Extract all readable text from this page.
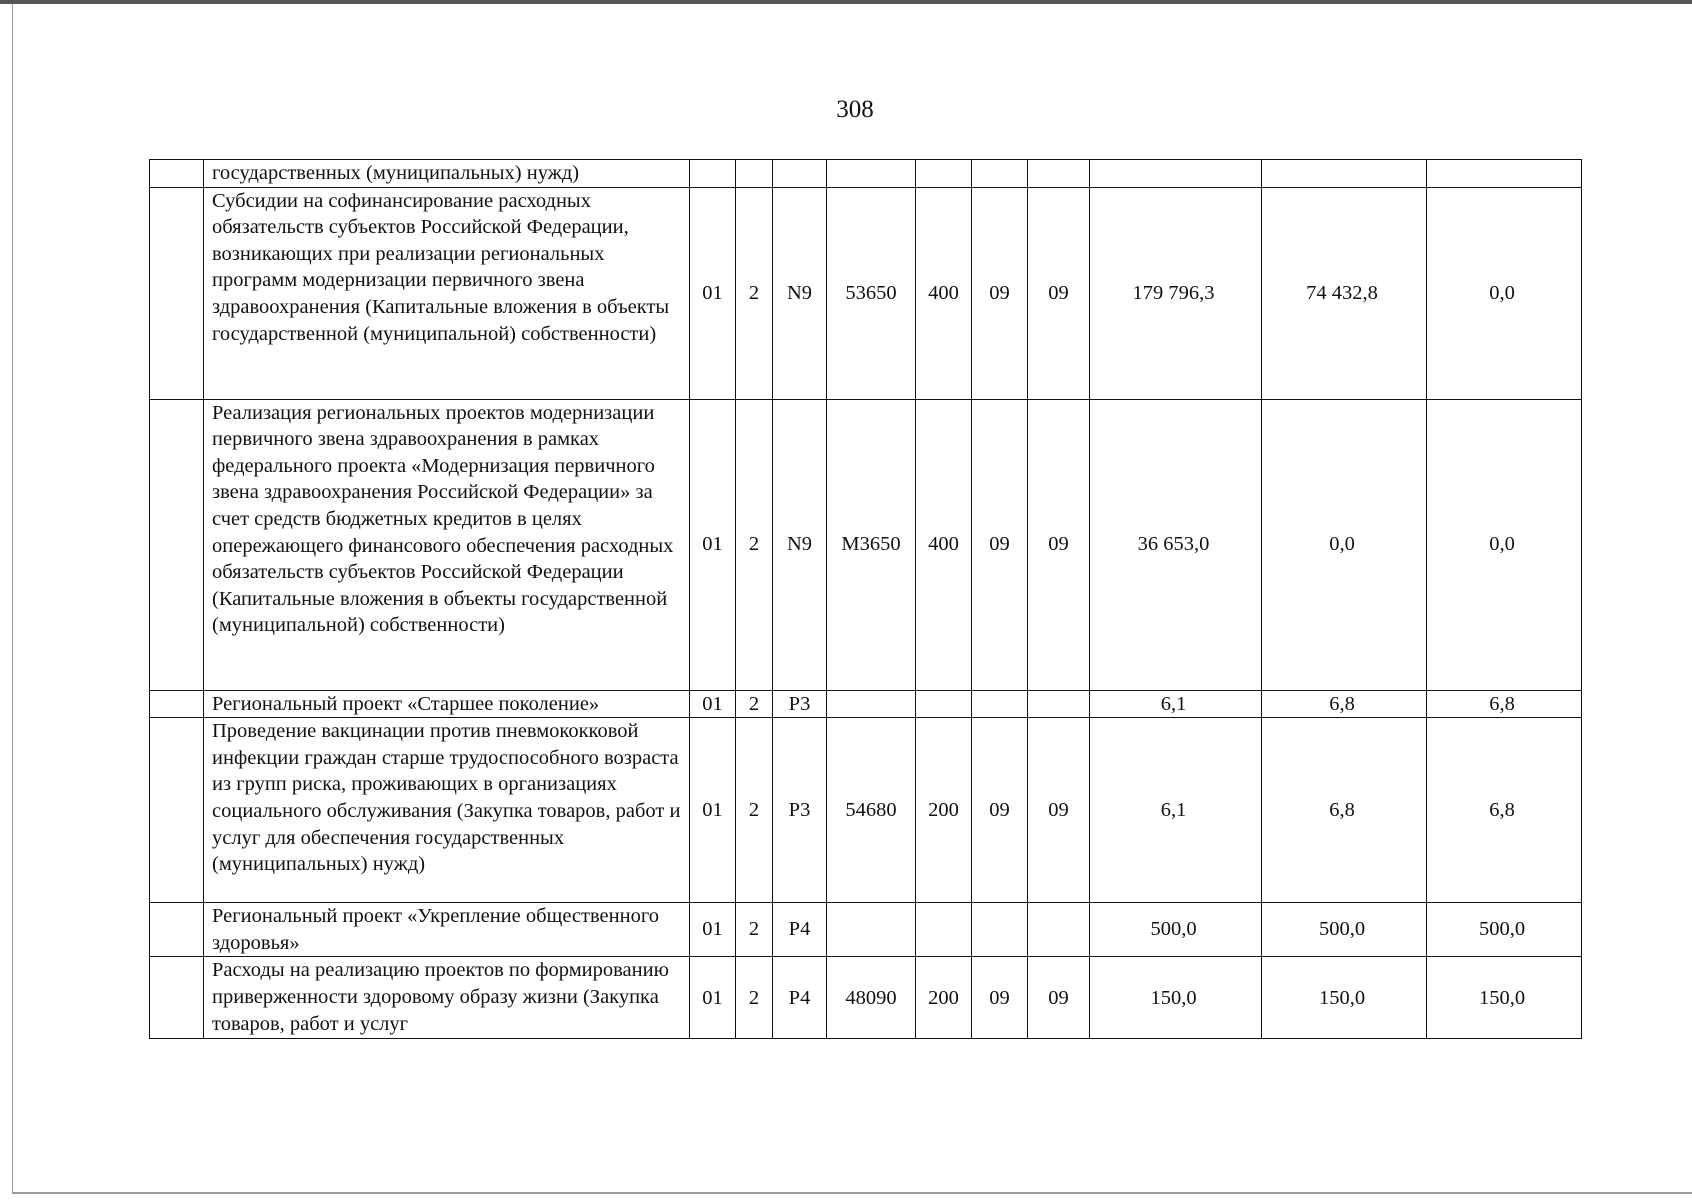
308
	государственных (муниципальных) нужд)										
	Субсидии на софинансирование расходных обязательств субъектов Российской Федерации, возникающих при реализации региональных программ модернизации первичного звена здравоохранения (Капитальные вложения в объекты государственной (муниципальной) собственности)	01	2	N9	53650	400	09	09	179 796,3	74 432,8	0,0
	Реализация региональных проектов модернизации первичного звена здравоохранения в рамках федерального проекта «Модернизация первичного звена здравоохранения Российской Федерации» за счет средств бюджетных кредитов в целях опережающего финансового обеспечения расходных обязательств субъектов Российской Федерации (Капитальные вложения в объекты государственной (муниципальной) собственности)	01	2	N9	M3650	400	09	09	36 653,0	0,0	0,0
	Региональный проект «Старшее поколение»	01	2	P3					6,1	6,8	6,8
	Проведение вакцинации против пневмококковой инфекции граждан старше трудоспособного возраста из групп риска, проживающих в организациях социального обслуживания (Закупка товаров, работ и услуг для обеспечения государственных (муниципальных) нужд)	01	2	P3	54680	200	09	09	6,1	6,8	6,8
	Региональный проект «Укрепление общественного здоровья»	01	2	P4					500,0	500,0	500,0
	Расходы на реализацию проектов по формированию приверженности здоровому образу жизни (Закупка товаров, работ и услуг	01	2	P4	48090	200	09	09	150,0	150,0	150,0
